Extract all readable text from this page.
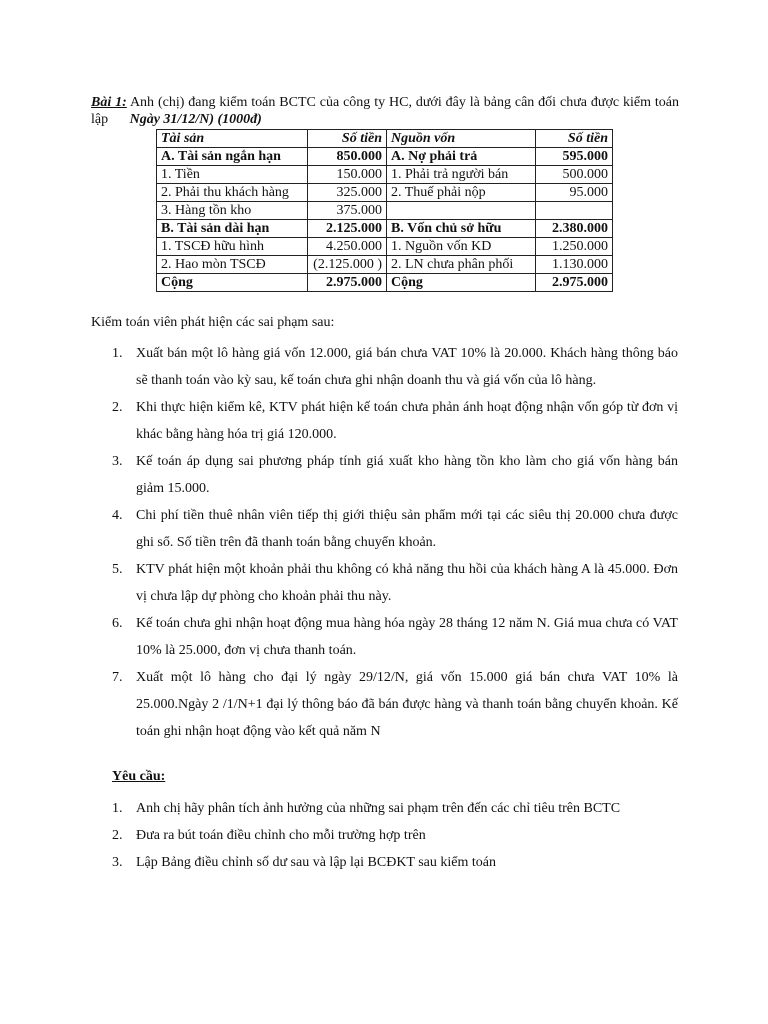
Bài 1: Anh (chị) đang kiểm toán BCTC của công ty HC, dưới đây là bảng cân đối chưa được kiểm toán lập Ngày 31/12/N) (1000đ)
Tài sản	Số tiền	Nguồn vốn	Số tiền
A. Tài sản ngắn hạn	850.000	A. Nợ phải trả	595.000
1. Tiền	150.000	1. Phải trả người bán	500.000
2. Phải thu khách hàng	325.000	2. Thuế phải nộp	95.000
3. Hàng tồn kho	375.000		
B. Tài sản dài hạn	2.125.000	B. Vốn chủ sở hữu	2.380.000
1. TSCĐ hữu hình	4.250.000	1. Nguồn vốn KD	1.250.000
2. Hao mòn TSCĐ	(2.125.000 )	2. LN chưa phân phối	1.130.000
Cộng	2.975.000	Cộng	2.975.000
Kiểm toán viên phát hiện các sai phạm sau:
1. Xuất bán một lô hàng giá vốn 12.000, giá bán chưa VAT 10% là 20.000. Khách hàng thông báo sẽ thanh toán vào kỳ sau, kế toán chưa ghi nhận doanh thu và giá vốn của lô hàng.
2. Khi thực hiện kiểm kê, KTV phát hiện kế toán chưa phản ánh hoạt động nhận vốn góp từ đơn vị khác bằng hàng hóa trị giá 120.000.
3. Kế toán áp dụng sai phương pháp tính giá xuất kho hàng tồn kho làm cho giá vốn hàng bán giảm 15.000.
4. Chi phí tiền thuê nhân viên tiếp thị giới thiệu sản phẩm mới tại các siêu thị 20.000 chưa được ghi sổ. Số tiền trên đã thanh toán bằng chuyển khoản.
5. KTV phát hiện một khoản phải thu không có khả năng thu hồi của khách hàng A là 45.000. Đơn vị chưa lập dự phòng cho khoản phải thu này.
6. Kế toán chưa ghi nhận hoạt động mua hàng hóa ngày 28 tháng 12 năm N. Giá mua chưa có VAT 10% là 25.000, đơn vị chưa thanh toán.
7. Xuất một lô hàng cho đại lý ngày 29/12/N, giá vốn 15.000 giá bán chưa VAT 10% là 25.000.Ngày 2 /1/N+1 đại lý thông báo đã bán được hàng và thanh toán bằng chuyển khoản. Kế toán ghi nhận hoạt động vào kết quả năm N
Yêu cầu:
1. Anh chị hãy phân tích ảnh hưởng của những sai phạm trên đến các chỉ tiêu trên BCTC
2. Đưa ra bút toán điều chỉnh cho mỗi trường hợp trên
3. Lập Bảng điều chỉnh số dư sau và lập lại BCĐKT sau kiểm toán
